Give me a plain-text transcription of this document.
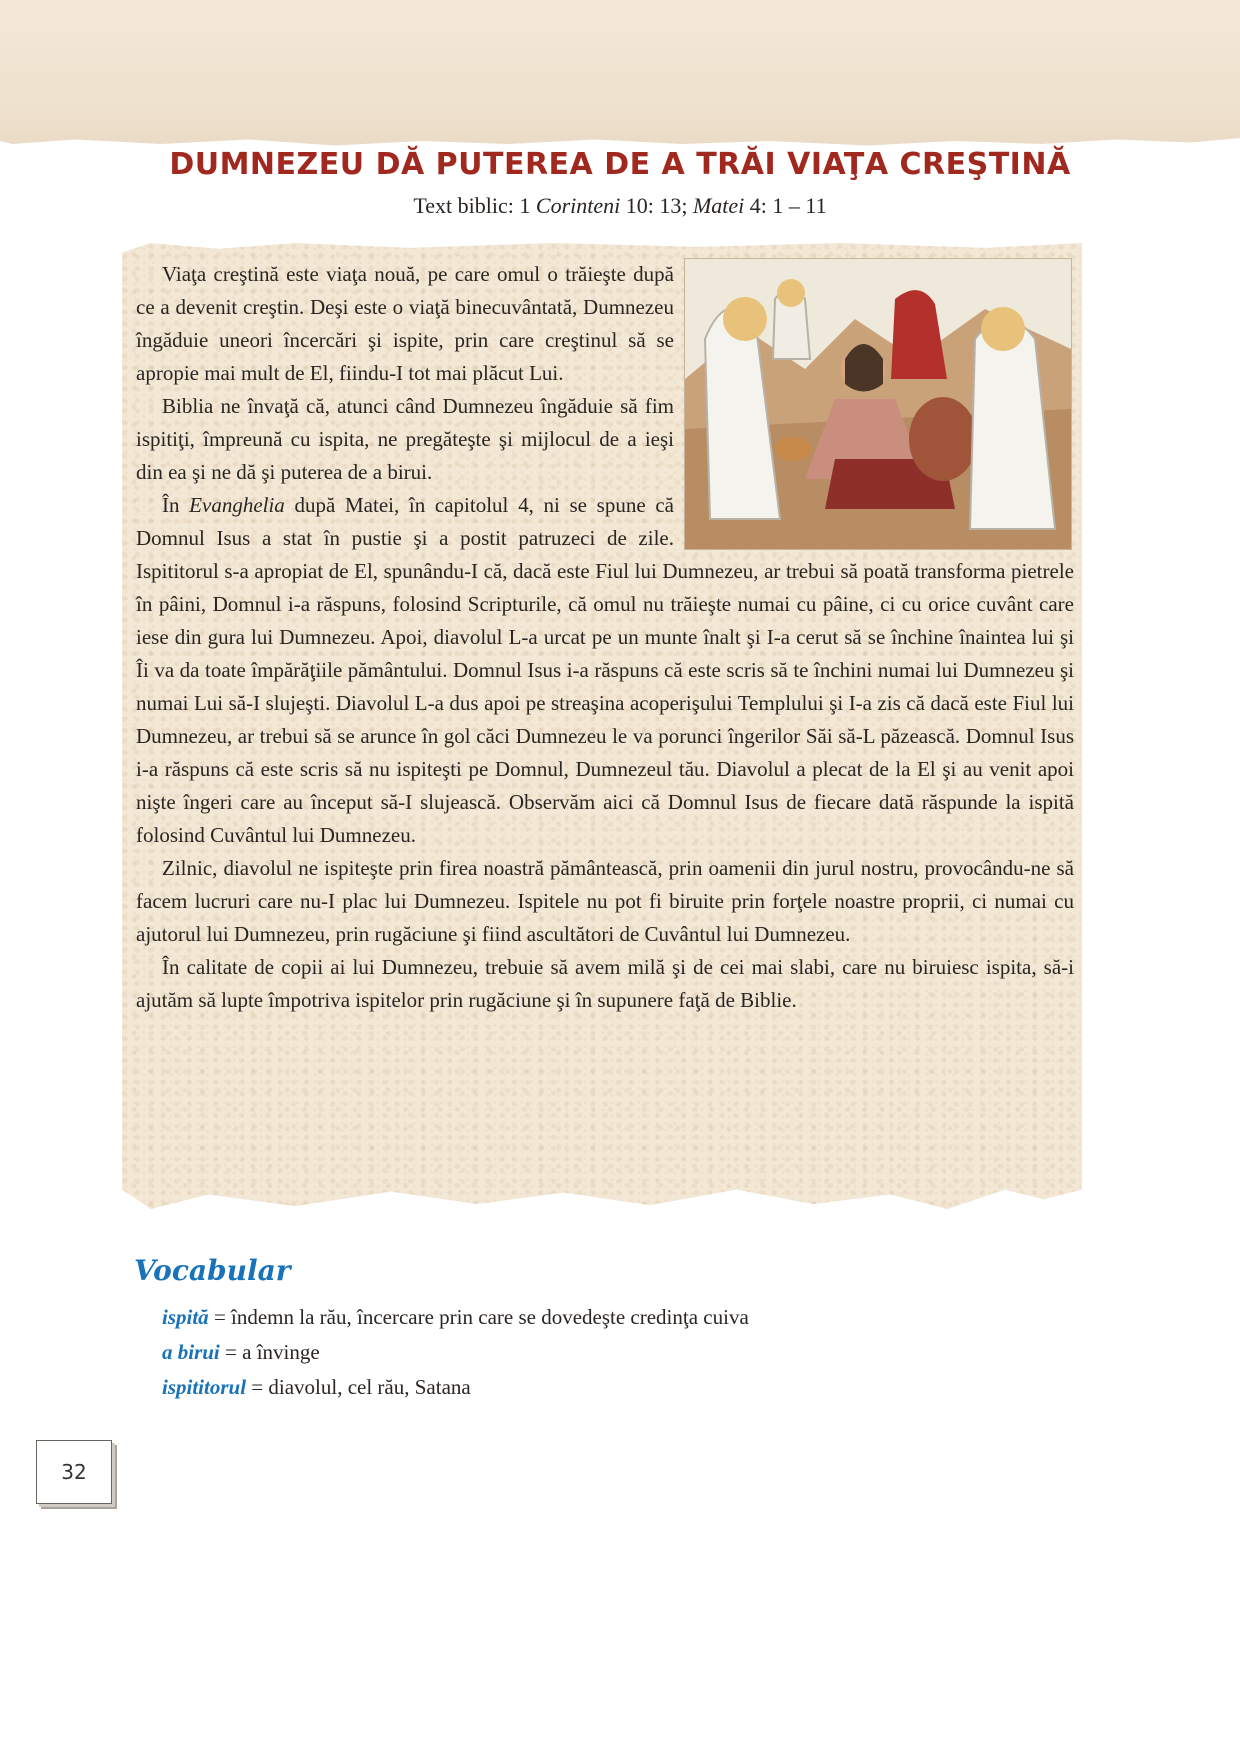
DUMNEZEU DĂ PUTEREA DE A TRĂI VIAŢA CREŞTINĂ

Text biblic: 1 Corinteni 10: 13; Matei 4: 1 – 11

Viaţa creştină este viaţa nouă, pe care omul o trăieşte după ce a devenit creştin. Deşi este o viaţă binecuvântată, Dumnezeu îngăduie uneori încercări şi ispite, prin care creştinul să se apropie mai mult de El, fiindu-I tot mai plăcut Lui.

Biblia ne învaţă că, atunci când Dumnezeu îngăduie să fim ispitiţi, împreună cu ispita, ne pregăteşte şi mijlocul de a ieşi din ea şi ne dă şi puterea de a birui.

În Evanghelia după Matei, în capitolul 4, ni se spune că Domnul Isus a stat în pustie şi a postit patruzeci de zile. Ispititorul s-a apropiat de El, spunându-I că, dacă este Fiul lui Dumnezeu, ar trebui să poată transforma pietrele în pâini, Domnul i-a răspuns, folosind Scripturile, că omul nu trăieşte numai cu pâine, ci cu orice cuvânt care iese din gura lui Dumnezeu. Apoi, diavolul L-a urcat pe un munte înalt şi I-a cerut să se închine înaintea lui şi Îi va da toate împărăţiile pământului. Domnul Isus i-a răspuns că este scris să te închini numai lui Dumnezeu şi numai Lui să-I slujeşti. Diavolul L-a dus apoi pe streaşina acoperişului Templului şi I-a zis că dacă este Fiul lui Dumnezeu, ar trebui să se arunce în gol căci Dumnezeu le va porunci îngerilor Săi să-L păzească. Domnul Isus i-a răspuns că este scris să nu ispiteşti pe Domnul, Dumnezeul tău. Diavolul a plecat de la El şi au venit apoi nişte îngeri care au început să-I slujească. Observăm aici că Domnul Isus de fiecare dată răspunde la ispită folosind Cuvântul lui Dumnezeu.

Zilnic, diavolul ne ispiteşte prin firea noastră pământească, prin oamenii din jurul nostru, provocându-ne să facem lucruri care nu-I plac lui Dumnezeu. Ispitele nu pot fi biruite prin forţele noastre proprii, ci numai cu ajutorul lui Dumnezeu, prin rugăciune şi fiind ascultători de Cuvântul lui Dumnezeu.

În calitate de copii ai lui Dumnezeu, trebuie să avem milă şi de cei mai slabi, care nu biruiesc ispita, să-i ajutăm să lupte împotriva ispitelor prin rugăciune şi în supunere faţă de Biblie.

Vocabular
ispită = îndemn la rău, încercare prin care se dovedeşte credinţa cuiva
a birui = a învinge
ispititorul = diavolul, cel rău, Satana
32
